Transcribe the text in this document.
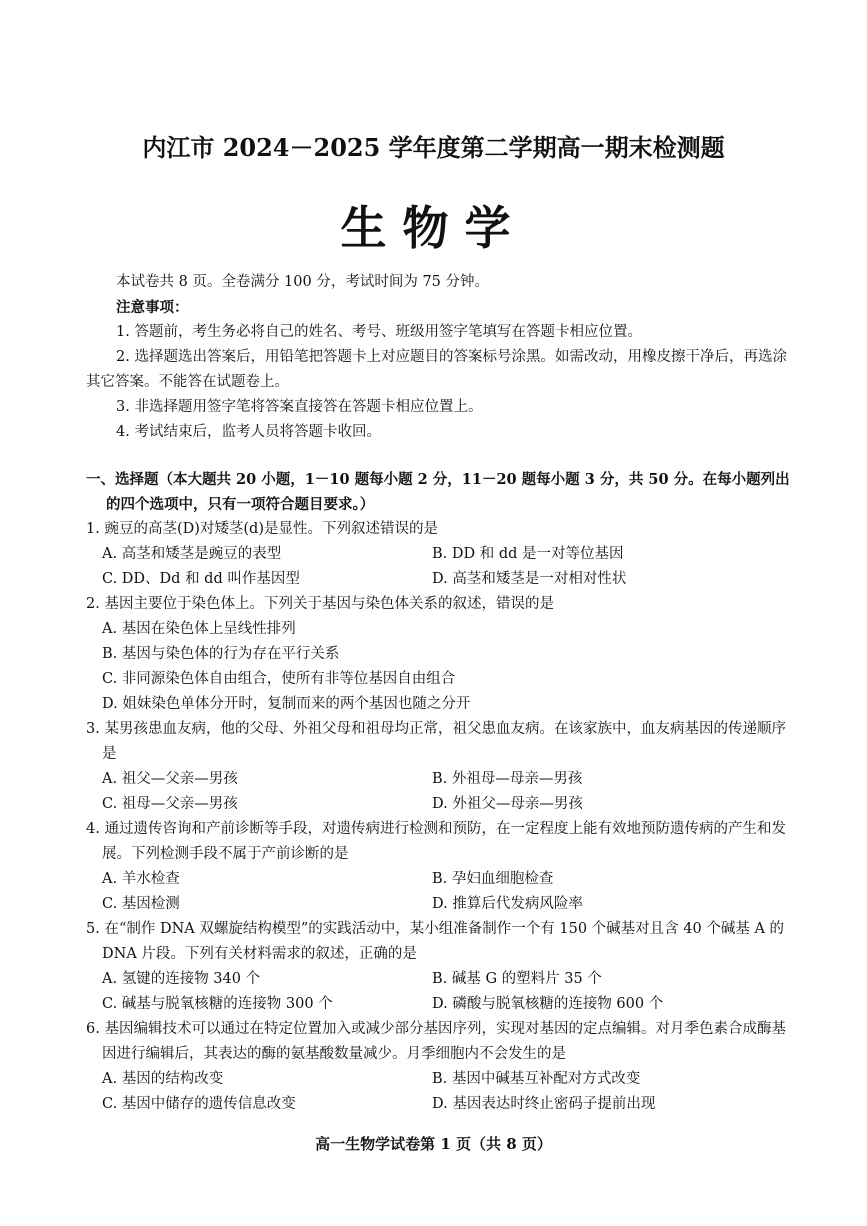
内江市 2024－2025 学年度第二学期高一期末检测题
生物学

本试卷共 8 页。全卷满分 100 分，考试时间为 75 分钟。

注意事项：

1. 答题前，考生务必将自己的姓名、考号、班级用签字笔填写在答题卡相应位置。

2. 选择题选出答案后，用铅笔把答题卡上对应题目的答案标号涂黑。如需改动，用橡皮擦干净后，再选涂其它答案。不能答在试题卷上。

3. 非选择题用签字笔将答案直接答在答题卡相应位置上。

4. 考试结束后，监考人员将答题卡收回。

一、选择题（本大题共 20 小题，1－10 题每小题 2 分，11－20 题每小题 3 分，共 50 分。在每小题列出的四个选项中，只有一项符合题目要求。）

1. 豌豆的高茎(D)对矮茎(d)是显性。下列叙述错误的是

A. 高茎和矮茎是豌豆的表型	B. DD 和 dd 是一对等位基因
C. DD、Dd 和 dd 叫作基因型	D. 高茎和矮茎是一对相对性状

2. 基因主要位于染色体上。下列关于基因与染色体关系的叙述，错误的是

A. 基因在染色体上呈线性排列
B. 基因与染色体的行为存在平行关系
C. 非同源染色体自由组合，使所有非等位基因自由组合
D. 姐妹染色单体分开时，复制而来的两个基因也随之分开

3. 某男孩患血友病，他的父母、外祖父母和祖母均正常，祖父患血友病。在该家族中，血友病基因的传递顺序是

A. 祖父—父亲—男孩	B. 外祖母—母亲—男孩
C. 祖母—父亲—男孩	D. 外祖父—母亲—男孩

4. 通过遗传咨询和产前诊断等手段，对遗传病进行检测和预防，在一定程度上能有效地预防遗传病的产生和发展。下列检测手段不属于产前诊断的是

A. 羊水检查	B. 孕妇血细胞检查
C. 基因检测	D. 推算后代发病风险率

5. 在“制作 DNA 双螺旋结构模型”的实践活动中，某小组准备制作一个有 150 个碱基对且含 40 个碱基 A 的 DNA 片段。下列有关材料需求的叙述，正确的是

A. 氢键的连接物 340 个	B. 碱基 G 的塑料片 35 个
C. 碱基与脱氧核糖的连接物 300 个	D. 磷酸与脱氧核糖的连接物 600 个

6. 基因编辑技术可以通过在特定位置加入或减少部分基因序列，实现对基因的定点编辑。对月季色素合成酶基因进行编辑后，其表达的酶的氨基酸数量减少。月季细胞内不会发生的是

A. 基因的结构改变	B. 基因中碱基互补配对方式改变
C. 基因中储存的遗传信息改变	D. 基因表达时终止密码子提前出现
高一生物学试卷第 1 页（共 8 页）
